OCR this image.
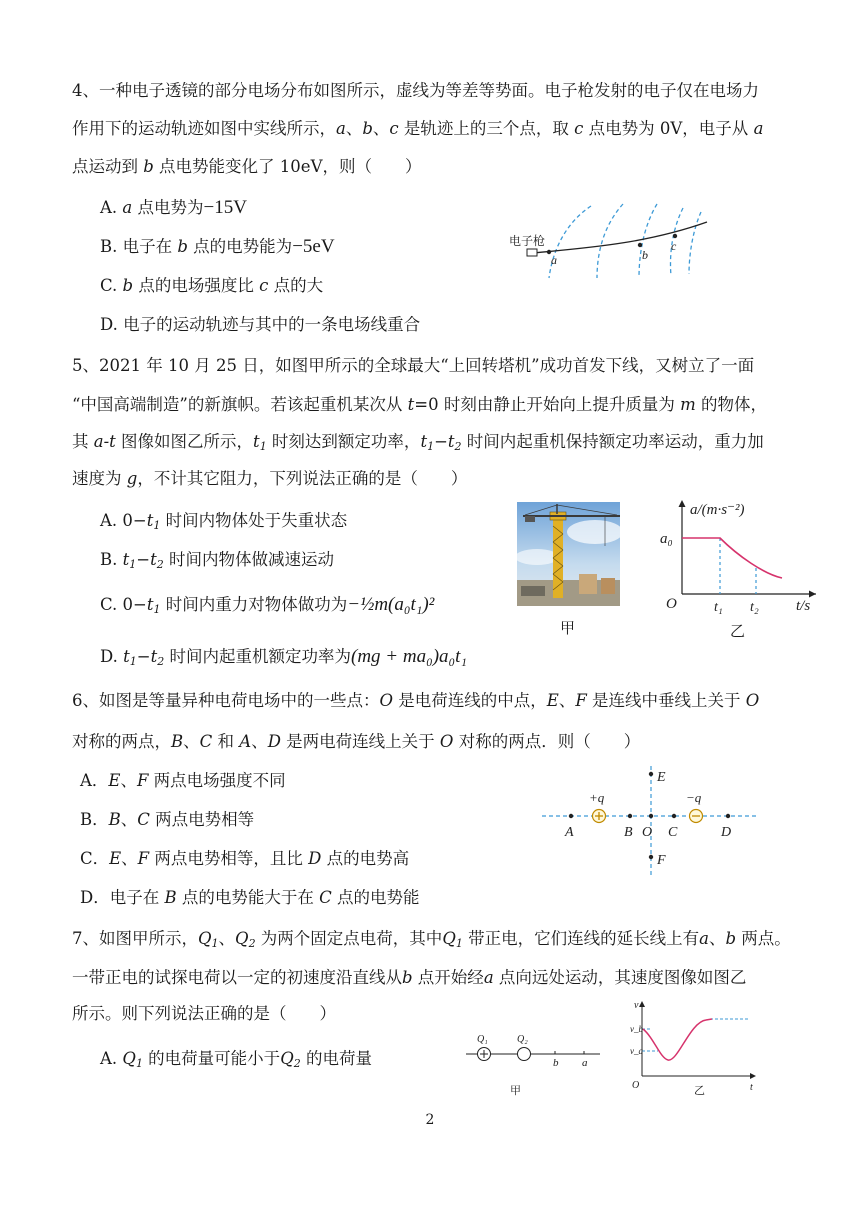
4、一种电子透镜的部分电场分布如图所示，虚线为等差等势面。电子枪发射的电子仅在电场力
作用下的运动轨迹如图中实线所示，a、b、c 是轨迹上的三个点，取 c 点电势为 0V，电子从 a
点运动到 b 点电势能变化了 10eV，则（　　）
A. a 点电势为−15V
B. 电子在 b 点的电势能为−5eV
C. b 点的电场强度比 c 点的大
D. 电子的运动轨迹与其中的一条电场线重合
电子枪
a	b
c
5、2021 年 10 月 25 日，如图甲所示的全球最大“上回转塔机”成功首发下线，又树立了一面
“中国高端制造”的新旗帜。若该起重机某次从 t=0 时刻由静止开始向上提升质量为 m 的物体，
其 a-t 图像如图乙所示，$t_1$ 时刻达到额定功率，$t_1-t_2$ 时间内起重机保持额定功率运动，重力加
速度为 g，不计其它阻力，下列说法正确的是（　　）
A. $0-t_1$ 时间内物体处于失重状态
B. $t_1-t_2$ 时间内物体做减速运动
C. $0-t_1$ 时间内重力对物体做功为−½m(a₀t₁)²
D. $t_1-t_2$ 时间内起重机额定功率为(mg + ma₀)a₀t₁
甲
a/(m·s⁻²)
a₀
O	t₁ t₂ t/s
乙
6、如图是等量异种电荷电场中的一些点：O 是电荷连线的中点，E、F 是连线中垂线上关于 O
对称的两点，B、C 和 A、D 是两电荷连线上关于 O 对称的两点．则（　　）
A．E、F 两点电场强度不同
B．B、C 两点电势相等
C．E、F 两点电势相等，且比 D 点的电势高
D．电子在 B 点的电势能大于在 C 点的电势能
E
F
+q	−q
A	B O C	D
7、如图甲所示，$Q_1$、$Q_2$ 为两个固定点电荷，其中$Q_1$ 带正电，它们连线的延长线上有a、b 两点。
一带正电的试探电荷以一定的初速度沿直线从b 点开始经a 点向远处运动，其速度图像如图乙
所示。则下列说法正确的是（　　）
A. $Q_1$ 的电荷量可能小于$Q_2$ 的电荷量
Q₁	Q₂
b a
甲
v
v_b
v_a
O	t
乙
2
